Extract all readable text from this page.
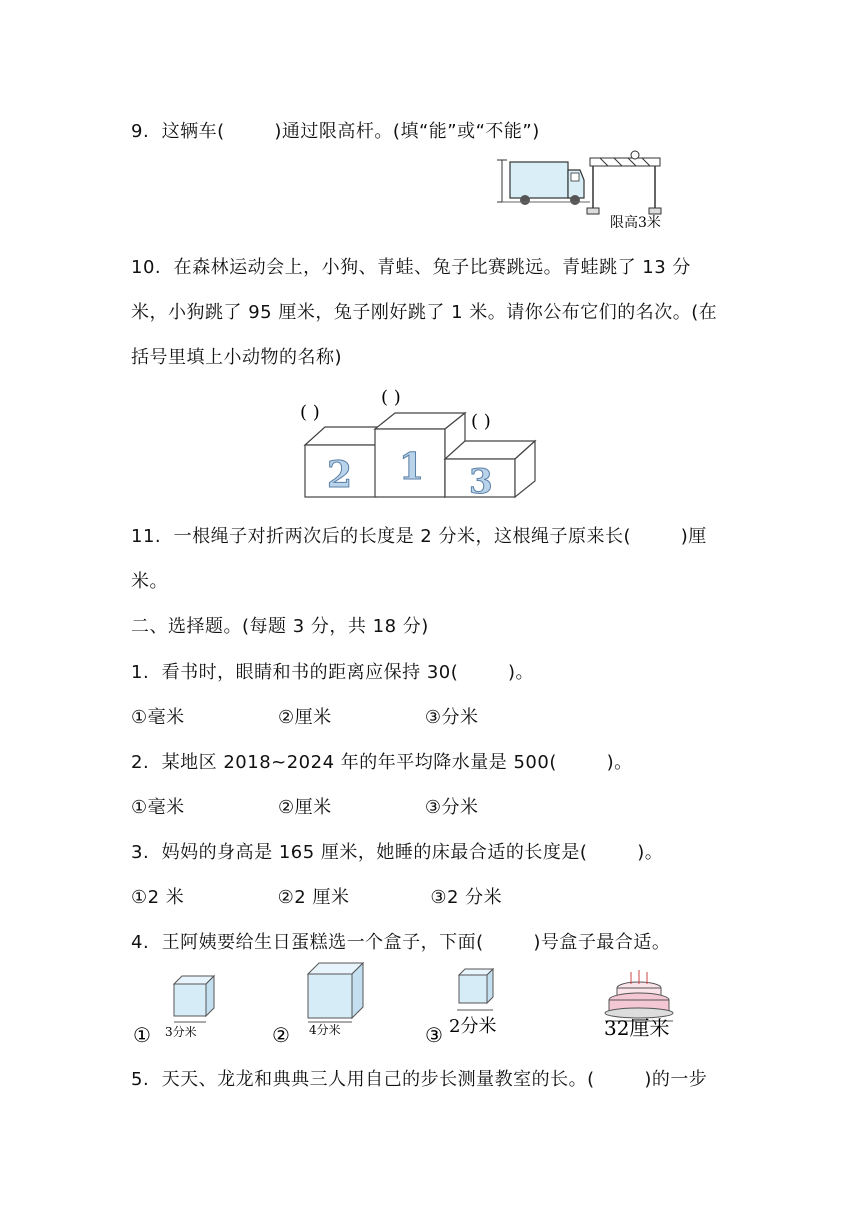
9.  这辆车(        )通过限高杆。(填“能”或“不能”)
限高3米
10.  在森林运动会上，小狗、青蛙、兔子比赛跳远。青蛙跳了 13 分
米，小狗跳了 95 厘米，兔子刚好跳了 1 米。请你公布它们的名次。(在
括号里填上小动物的名称)
( )
( )
( )
2 1 3
11.  一根绳子对折两次后的长度是 2 分米，这根绳子原来长(        )厘
米。
二、选择题。(每题 3 分，共 18 分)
1.  看书时，眼睛和书的距离应保持 30(        )。
①毫米               ②厘米               ③分米
2.  某地区 2018~2024 年的年平均降水量是 500(        )。
①毫米               ②厘米               ③分米
3.  妈妈的身高是 165 厘米，她睡的床最合适的长度是(        )。
①2 米               ②2 厘米             ③2 分米
4.  王阿姨要给生日蛋糕选一个盒子，下面(        )号盒子最合适。
① 3分米	② 4分米	③ 2分米	32厘米
5.  天天、龙龙和典典三人用自己的步长测量教室的长。(        )的一步
